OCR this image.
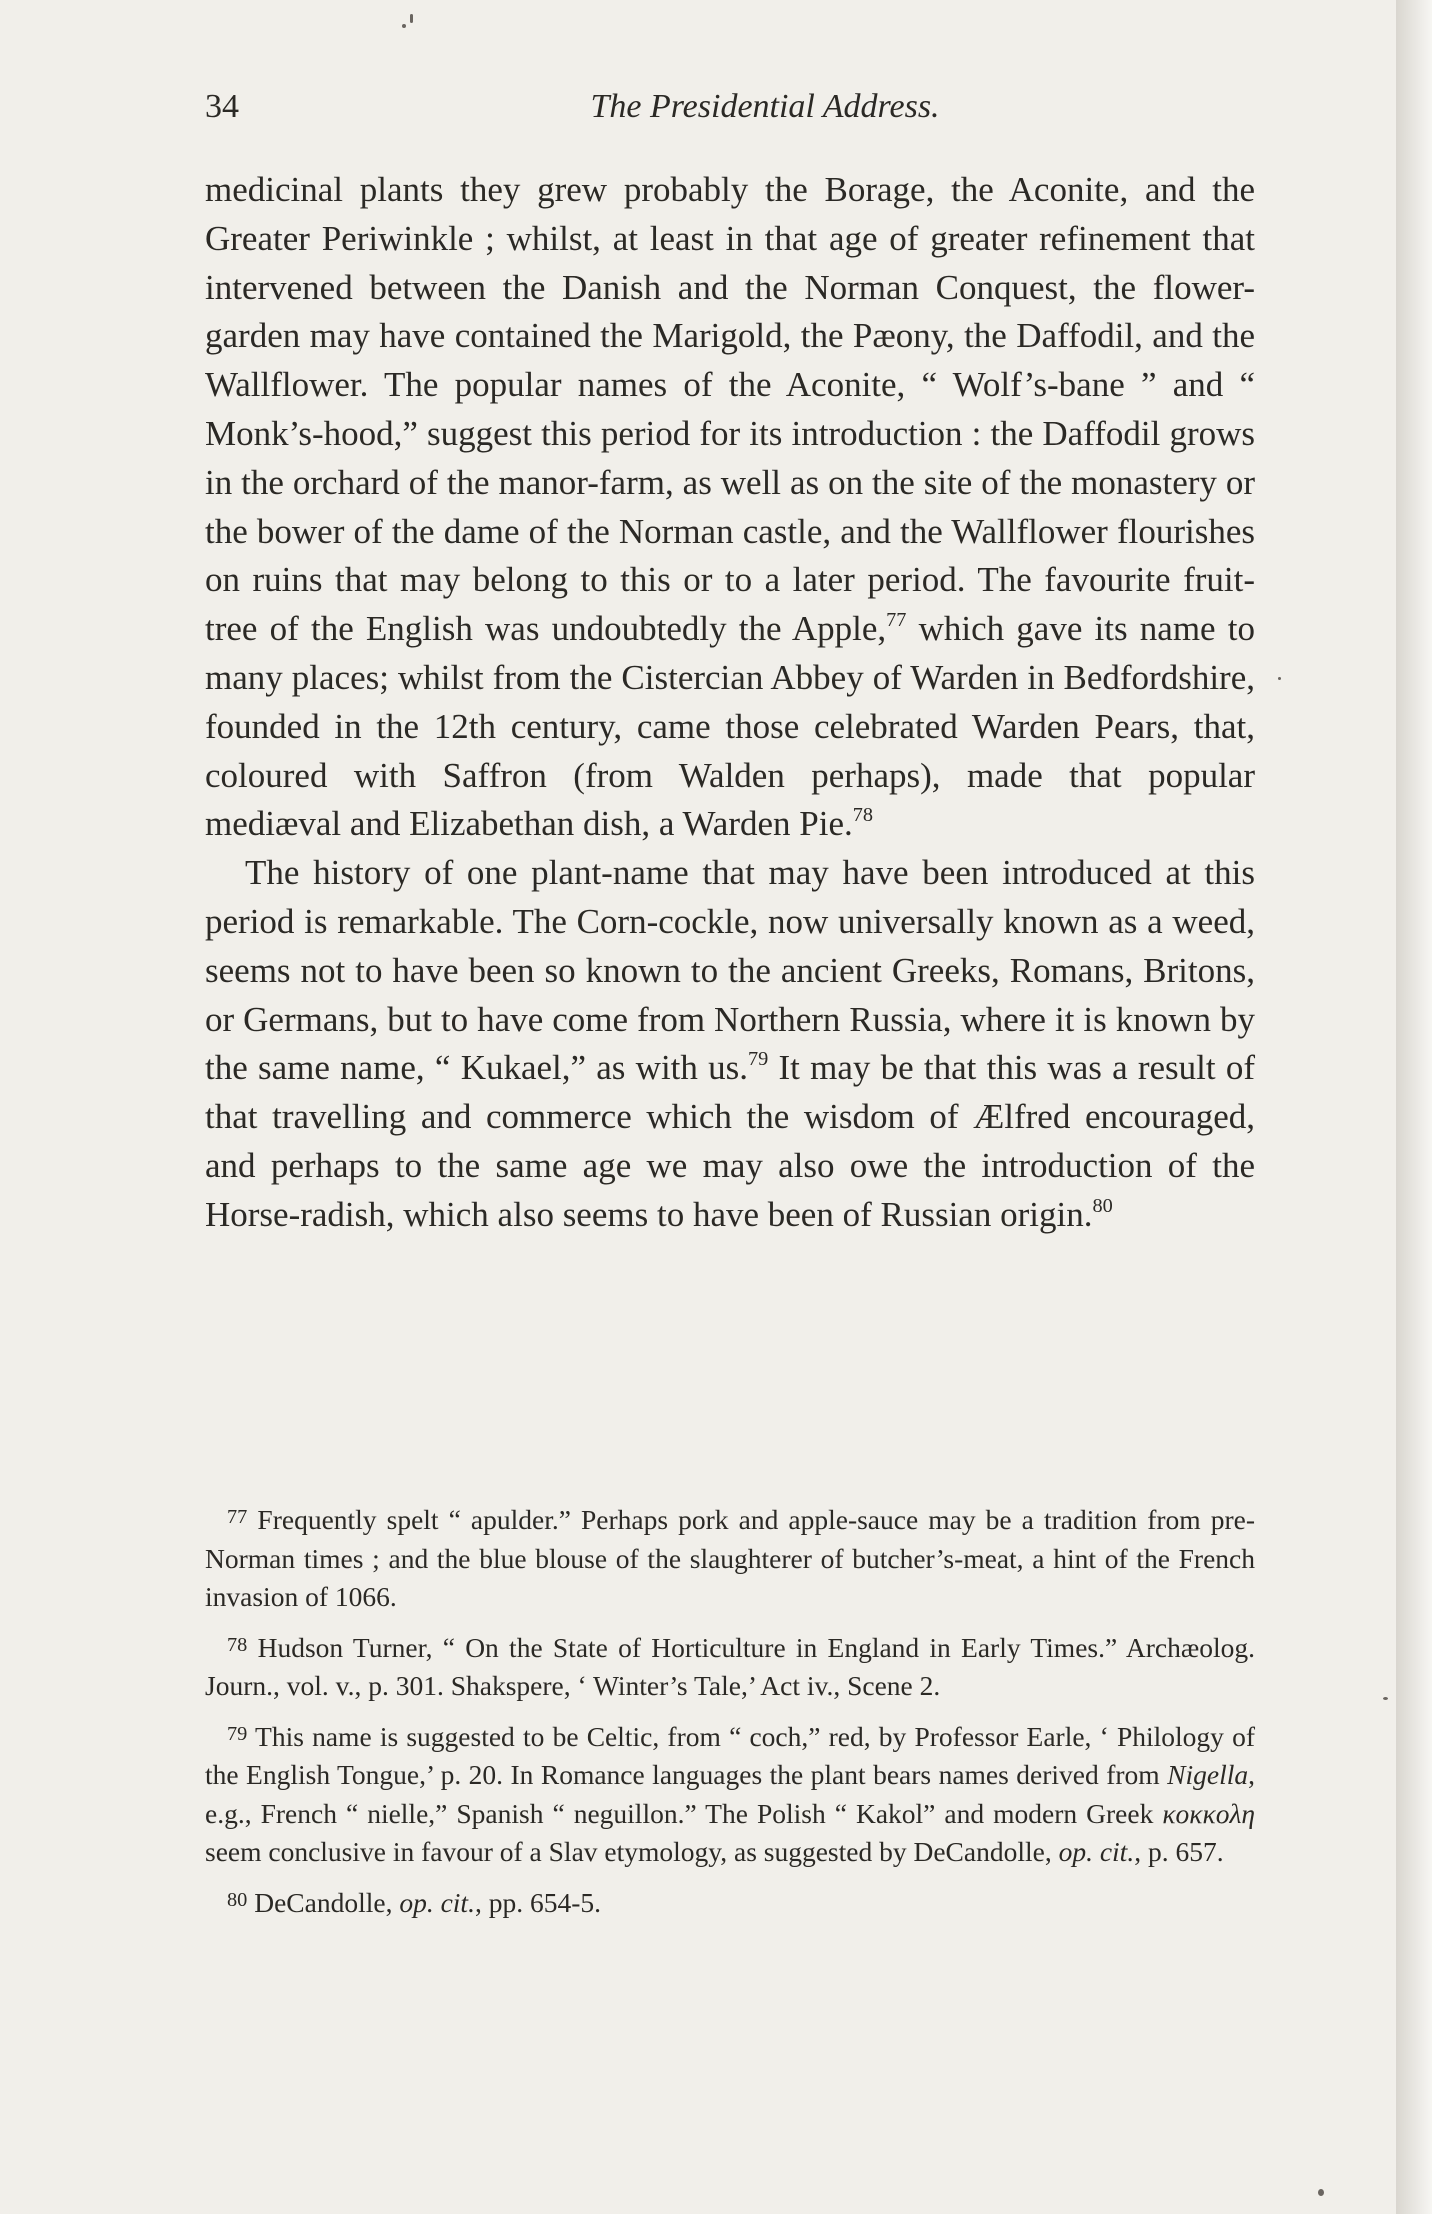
34	The Presidential Address.

medicinal plants they grew probably the Borage, the Aconite, and the Greater Periwinkle ; whilst, at least in that age of greater refinement that intervened between the Danish and the Norman Conquest, the flower-garden may have contained the Marigold, the Pæony, the Daffodil, and the Wallflower. The popular names of the Aconite, “ Wolf’s-bane ” and “ Monk’s-hood,” suggest this period for its introduction : the Daffodil grows in the orchard of the manor-farm, as well as on the site of the monastery or the bower of the dame of the Norman castle, and the Wallflower flourishes on ruins that may belong to this or to a later period. The favourite fruit-tree of the English was undoubtedly the Apple,$^{77}$ which gave its name to many places; whilst from the Cistercian Abbey of Warden in Bedfordshire, founded in the 12th century, came those celebrated Warden Pears, that, coloured with Saffron (from Walden perhaps), made that popular mediæval and Elizabethan dish, a Warden Pie.$^{78}$

The history of one plant-name that may have been introduced at this period is remarkable. The Corn-cockle, now universally known as a weed, seems not to have been so known to the ancient Greeks, Romans, Britons, or Germans, but to have come from Northern Russia, where it is known by the same name, “ Kukael,” as with us.$^{79}$ It may be that this was a result of that travelling and commerce which the wisdom of Ælfred encouraged, and perhaps to the same age we may also owe the introduction of the Horse-radish, which also seems to have been of Russian origin.$^{80}$

$^{77}$ Frequently spelt “ apulder.” Perhaps pork and apple-sauce may be a tradition from pre-Norman times ; and the blue blouse of the slaughterer of butcher’s-meat, a hint of the French invasion of 1066.

$^{78}$ Hudson Turner, “ On the State of Horticulture in England in Early Times.” Archæolog. Journ., vol. v., p. 301. Shakspere, ‘ Winter’s Tale,’ Act iv., Scene 2.

$^{79}$ This name is suggested to be Celtic, from “ coch,” red, by Professor Earle, ‘ Philology of the English Tongue,’ p. 20. In Romance languages the plant bears names derived from Nigella, e.g., French “ nielle,” Spanish “ neguillon.” The Polish “ Kakol” and modern Greek κοκκολη seem conclusive in favour of a Slav etymology, as suggested by DeCandolle, op. cit., p. 657.

$^{80}$ DeCandolle, op. cit., pp. 654-5.
